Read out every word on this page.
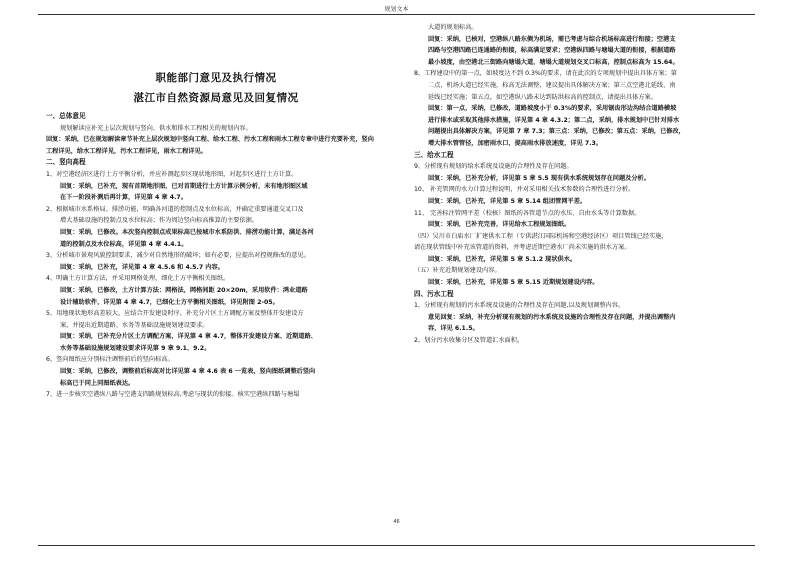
规划文本
职能部门意见及执行情况
湛江市自然资源局意见及回复情况
一、总体意见
规划解读应补充上层次规划与竖向、供水和排水工程相关的规划内容。
回复：采纳，已在规划解读章节补充上层次规划中竖向工程、给水工程、污水工程和雨水工程专章中进行充要补充，竖向
工程详见，给水工程详见，污水工程详见，雨水工程详见。
二、竖向高程
1、对空港经济区进行土方平衡分析，并应补测起步区现状地形图，对起步区进行土方计算。
回复：采纳，已补充，现有首期地形图，已对首期进行土方计算示例分析，未有地形图区域
在下一阶段补测后再计算，详见第 4 章 4.7。
2、根据城市水系格局、排涝功能，明确各河道的控制点及水位标高，并确定重要通道交叉口及
增大基础设施的控制点及水位标高；作为周边竖向标高推算的主要依据。
回复：采纳，已修改。本次竖向控制点成果标高已按城市水系防洪、排涝功能计算，满足各河
道的控制点及水位标高，详见第 4 章 4.4.1。
3、分析城市景观风貌控制要求，减少对自然地形的破坏；如有必要，应提出对控规修改的意见。
回复：采纳，已补充，详见第 4 章 4.5.6 和 4.5.7 内容。
4、明确土方计算方法，并采用网格处理，细化土方平衡相关图纸。
回复：采纳，已修改，土方计算方法：网格法，网格间距 20×20m，采用软件：鸿业道路
设计辅助软件，详见第 4 章 4.7，已细化土方平衡相关图纸，详见附图 2-05。
5、用地现状地形高差较大，应结合开发建设时序，补充分片区土方调配方案及整体开发建设方
案，并提出近期道路、水务等基础设施规划建设要求。
回复：采纳，已补充分片区土方调配方案，详见第 4 章 4.7，整体开发建设方案、近期道路、
水务等基础设施规划建设要求详见第 9 章 9.1、9.2。
6、竖向图纸应分别标注调整前后的竖向标高。
回复：采纳，已修改，调整前后标高对比详见第 4 章 4.6 表 6 一览表，竖向图纸调整后竖向
标高已于同上同图纸表达。
7、进一步核实空港纵八路与空港支四路规划标高,考虑与现状的衔接。核实空港纵四路与塘塌
大道的规划标高。
回复：采纳，已核对，空港纵八路东侧为机场，需已考虑与综合机场标高进行衔接；空港支
四路与空港四路已连通路的衔接，标高满足要求；空港纵四路与塘塌大道的衔接，根据道路
最小坡度，由空港北三街路向塘塌大道，塘塌大道规划交叉口标高，控制点标高为 15.64。
8、工程建设中的第一点，如坡度达不到 0.3%的要求，请在此次的专项规划中提出具体方案；第
二点，机场大道已经实施，标高无法调整，建议提出具体解决方案；第三点空港北延线、南
延线已经实施；第五点，如空港纵八路未达到防洪标高的控制点，请提出具体方案。
回复：第一点，采纳，已修改，道路坡度小于 0.3%的要求，采用锯齿形边沟结合道路横坡
进行排水或采取其他排水措施，详见第 4 章 4.3.2；第二点，采纳，排水规划中已针对排水
问题提出具体解决方案，详见第 7 章 7.3；第三点：采纳，已修改；第五点：采纳，已修改，
增大排水管管径，加密雨水口，提高雨水排放速度，详见 7.3。
三、给水工程
9、分析现有规划的给水系统及设施的合理性及存在问题。
回复：采纳，已补充分析，详见第 5 章 5.5 现有供水系统规划存在问题及分析。
10、 补充管网的水力计算过程说明，并对采用相关技术参数的合理性进行分析。
回复：采纳，已补充，详见第 5 章 5.14 组团管网平差。
11、 完善标注管网平差（校核）图纸的各管道节点的水压、自由水头等计算数据。
回复：采纳，已补充完善，详见给水工程规划图纸。
（四）吴川市白庙水厂扩建供水工程（专供湛江国际机场和空港经济区）项目管线已经实施，
请在现状管线中补充该管道的资料，并考虑近期空港水厂尚未实施的供水方案。
回复：采纳，已补充，详见第 5 章 5.1.2 现状供水。
（五）补充近期规划建设内容。
回复：采纳，已补充，详见第 5 章 5.15 近期规划建设内容。
四、污水工程
1、分析现有规划的污水系统及设施的合理性及存在问题,以及规划调整内容。
意见回复：采纳，补充分析现有规划的污水系统及设施的合理性及存在问题，并提出调整内
容，详见 6.1.5。
2、划分污水收集分区及管道汇水面积。
46
